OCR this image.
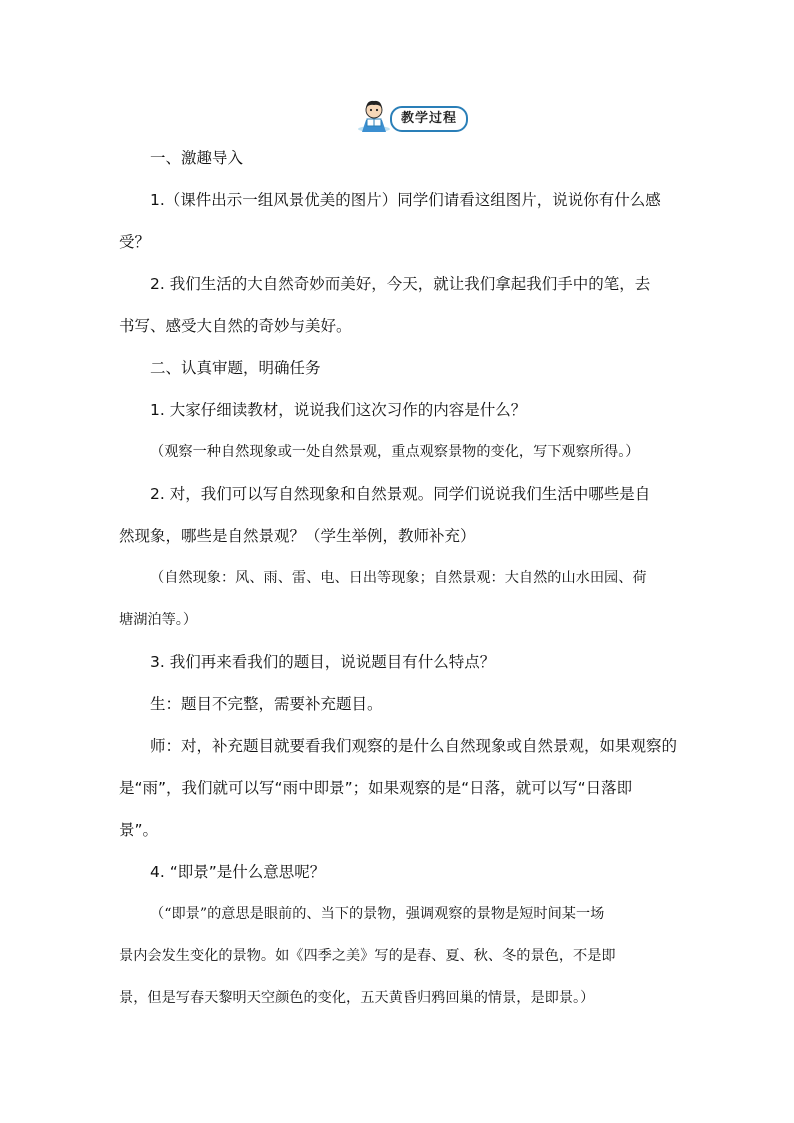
教学过程
一、激趣导入
1.（课件出示一组风景优美的图片）同学们请看这组图片，说说你有什么感
受？
2. 我们生活的大自然奇妙而美好，今天，就让我们拿起我们手中的笔，去
书写、感受大自然的奇妙与美好。
二、认真审题，明确任务
1. 大家仔细读教材，说说我们这次习作的内容是什么？
（观察一种自然现象或一处自然景观，重点观察景物的变化，写下观察所得。）
2. 对，我们可以写自然现象和自然景观。同学们说说我们生活中哪些是自
然现象，哪些是自然景观？（学生举例，教师补充）
（自然现象：风、雨、雷、电、日出等现象；自然景观：大自然的山水田园、荷
塘湖泊等。）
3. 我们再来看我们的题目，说说题目有什么特点？
生：题目不完整，需要补充题目。
师：对，补充题目就要看我们观察的是什么自然现象或自然景观，如果观察的
是“雨”，我们就可以写“雨中即景”；如果观察的是“日落，就可以写“日落即
景”。
4. “即景”是什么意思呢？
（“即景”的意思是眼前的、当下的景物，强调观察的景物是短时间某一场
景内会发生变化的景物。如《四季之美》写的是春、夏、秋、冬的景色，不是即
景，但是写春天黎明天空颜色的变化，五天黄昏归鸦回巢的情景，是即景。）
